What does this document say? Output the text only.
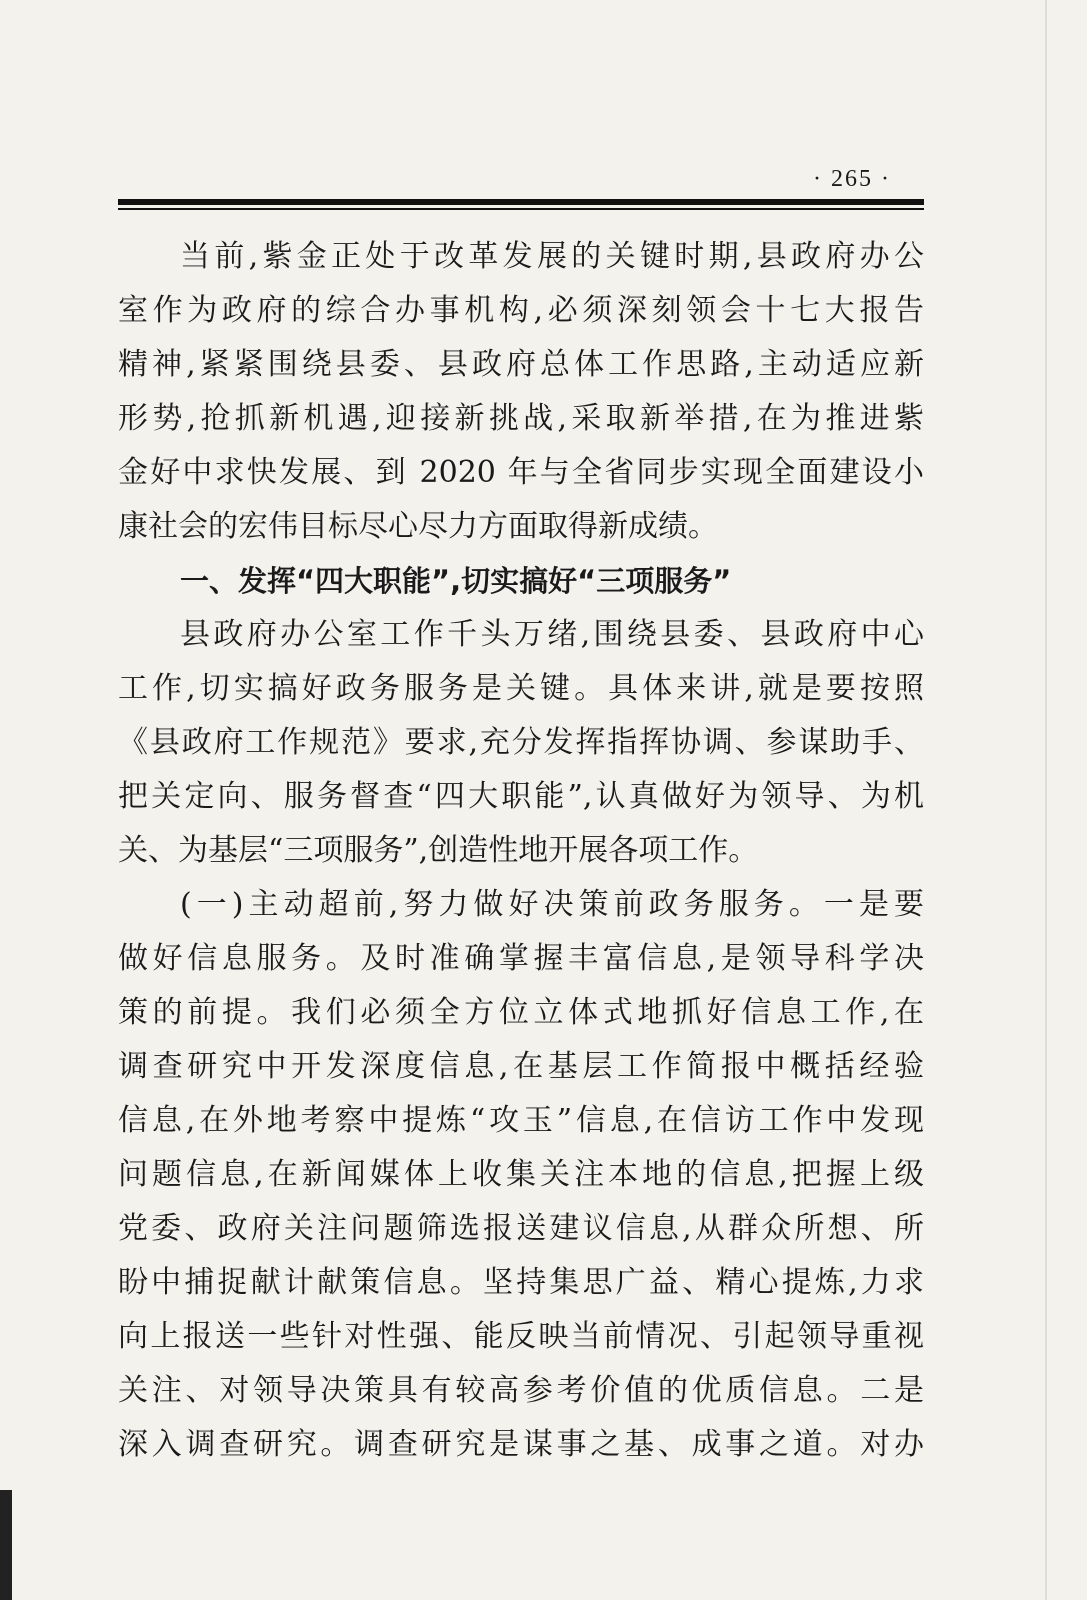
· 265 ·
当前,紫金正处于改革发展的关键时期,县政府办公
室作为政府的综合办事机构,必须深刻领会十七大报告
精神,紧紧围绕县委、县政府总体工作思路,主动适应新
形势,抢抓新机遇,迎接新挑战,采取新举措,在为推进紫
金好中求快发展、到 2020 年与全省同步实现全面建设小
康社会的宏伟目标尽心尽力方面取得新成绩。
一、发挥“四大职能”,切实搞好“三项服务”
县政府办公室工作千头万绪,围绕县委、县政府中心
工作,切实搞好政务服务是关键。具体来讲,就是要按照
《县政府工作规范》要求,充分发挥指挥协调、参谋助手、
把关定向、服务督查“四大职能”,认真做好为领导、为机
关、为基层“三项服务”,创造性地开展各项工作。
(一)主动超前,努力做好决策前政务服务。一是要
做好信息服务。及时准确掌握丰富信息,是领导科学决
策的前提。我们必须全方位立体式地抓好信息工作,在
调查研究中开发深度信息,在基层工作简报中概括经验
信息,在外地考察中提炼“攻玉”信息,在信访工作中发现
问题信息,在新闻媒体上收集关注本地的信息,把握上级
党委、政府关注问题筛选报送建议信息,从群众所想、所
盼中捕捉献计献策信息。坚持集思广益、精心提炼,力求
向上报送一些针对性强、能反映当前情况、引起领导重视
关注、对领导决策具有较高参考价值的优质信息。二是
深入调查研究。调查研究是谋事之基、成事之道。对办
